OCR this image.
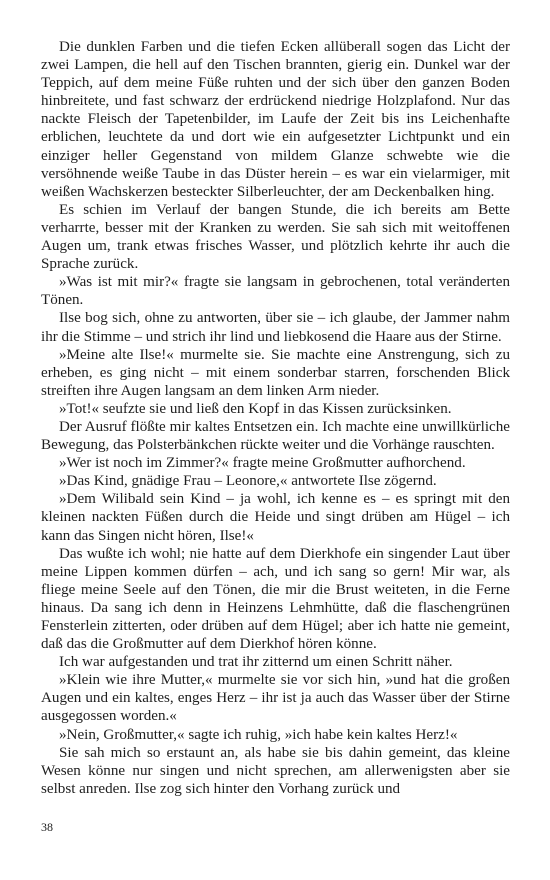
Die dunklen Farben und die tiefen Ecken allüberall sogen das Licht der zwei Lampen, die hell auf den Tischen brannten, gierig ein. Dunkel war der Teppich, auf dem meine Füße ruhten und der sich über den ganzen Boden hinbreitete, und fast schwarz der erdrückend niedrige Holzplafond. Nur das nackte Fleisch der Tapetenbilder, im Laufe der Zeit bis ins Leichenhafte erblichen, leuchtete da und dort wie ein aufgesetzter Lichtpunkt und ein einziger heller Gegenstand von mildem Glanze schwebte wie die versöhnende weiße Taube in das Düster herein – es war ein vielarmiger, mit weißen Wachskerzen besteckter Silberleuchter, der am Deckenbalken hing.

Es schien im Verlauf der bangen Stunde, die ich bereits am Bette verharrte, besser mit der Kranken zu werden. Sie sah sich mit weitoffenen Augen um, trank etwas frisches Wasser, und plötzlich kehrte ihr auch die Sprache zurück.

»Was ist mit mir?« fragte sie langsam in gebrochenen, total veränderten Tönen.

Ilse bog sich, ohne zu antworten, über sie – ich glaube, der Jammer nahm ihr die Stimme – und strich ihr lind und liebkosend die Haare aus der Stirne.

»Meine alte Ilse!« murmelte sie. Sie machte eine Anstrengung, sich zu erheben, es ging nicht – mit einem sonderbar starren, forschenden Blick streiften ihre Augen langsam an dem linken Arm nieder.

»Tot!« seufzte sie und ließ den Kopf in das Kissen zurücksinken.

Der Ausruf flößte mir kaltes Entsetzen ein. Ich machte eine unwillkürliche Bewegung, das Polsterbänkchen rückte weiter und die Vorhänge rauschten.

»Wer ist noch im Zimmer?« fragte meine Großmutter aufhorchend.

»Das Kind, gnädige Frau – Leonore,« antwortete Ilse zögernd.

»Dem Wilibald sein Kind – ja wohl, ich kenne es – es springt mit den kleinen nackten Füßen durch die Heide und singt drüben am Hügel – ich kann das Singen nicht hören, Ilse!«

Das wußte ich wohl; nie hatte auf dem Dierkhofe ein singender Laut über meine Lippen kommen dürfen – ach, und ich sang so gern! Mir war, als fliege meine Seele auf den Tönen, die mir die Brust weiteten, in die Ferne hinaus. Da sang ich denn in Heinzens Lehmhütte, daß die flaschengrünen Fensterlein zitterten, oder drüben auf dem Hügel; aber ich hatte nie gemeint, daß das die Großmutter auf dem Dierkhof hören könne.

Ich war aufgestanden und trat ihr zitternd um einen Schritt näher.

»Klein wie ihre Mutter,« murmelte sie vor sich hin, »und hat die großen Augen und ein kaltes, enges Herz – ihr ist ja auch das Wasser über der Stirne ausgegossen worden.«

»Nein, Großmutter,« sagte ich ruhig, »ich habe kein kaltes Herz!«

Sie sah mich so erstaunt an, als habe sie bis dahin gemeint, das kleine Wesen könne nur singen und nicht sprechen, am allerwenigsten aber sie selbst anreden. Ilse zog sich hinter den Vorhang zurück und

38
